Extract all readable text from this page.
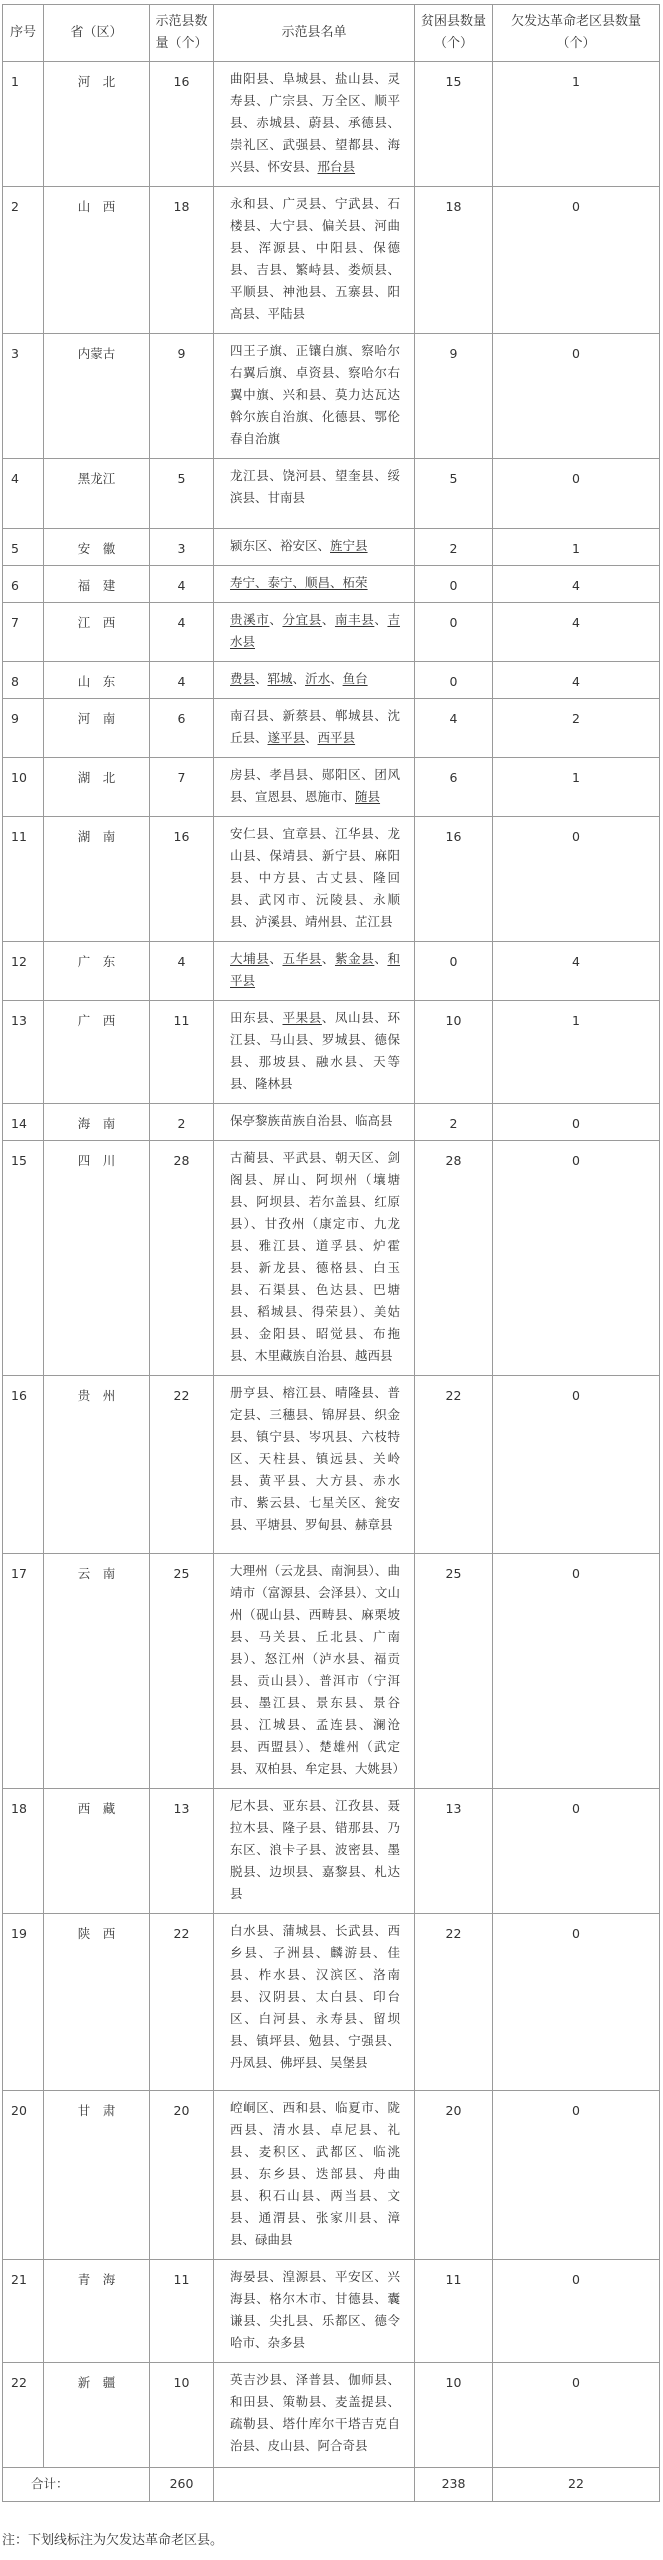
序号	省（区）	示范县数量（个）	示范县名单	贫困县数量（个）	欠发达革命老区县数量（个）
1	河　北	16	曲阳县、阜城县、盐山县、灵寿县、广宗县、万全区、顺平县、赤城县、蔚县、承德县、崇礼区、武强县、望都县、海兴县、怀安县、邢台县	15	1
2	山　西	18	永和县、广灵县、宁武县、石楼县、大宁县、偏关县、河曲县、浑源县、中阳县、保德县、吉县、繁峙县、娄烦县、平顺县、神池县、五寨县、阳高县、平陆县	18	0
3	内蒙古	9	四王子旗、正镶白旗、察哈尔右翼后旗、卓资县、察哈尔右翼中旗、兴和县、莫力达瓦达斡尔族自治旗、化德县、鄂伦春自治旗	9	0
4	黑龙江	5	龙江县、饶河县、望奎县、绥滨县、甘南县	5	0
5	安　徽	3	颍东区、裕安区、旌宁县	2	1
6	福　建	4	寿宁、泰宁、顺昌、柘荣	0	4
7	江　西	4	贵溪市、分宜县、南丰县、吉水县	0	4
8	山　东	4	费县、郓城、沂水、鱼台	0	4
9	河　南	6	南召县、新蔡县、郸城县、沈丘县、遂平县、西平县	4	2
10	湖　北	7	房县、孝昌县、郧阳区、团风县、宣恩县、恩施市、随县	6	1
11	湖　南	16	安仁县、宜章县、江华县、龙山县、保靖县、新宁县、麻阳县、中方县、古丈县、隆回县、武冈市、沅陵县、永顺县、泸溪县、靖州县、芷江县	16	0
12	广　东	4	大埔县、五华县、紫金县、和平县	0	4
13	广　西	11	田东县、平果县、凤山县、环江县、马山县、罗城县、德保县、那坡县、融水县、天等县、隆林县	10	1
14	海　南	2	保亭黎族苗族自治县、临高县	2	0
15	四　川	28	古蔺县、平武县、朝天区、剑阁县、屏山、阿坝州（壤塘县、阿坝县、若尔盖县、红原县）、甘孜州（康定市、九龙县、雅江县、道孚县、炉霍县、新龙县、德格县、白玉县、石渠县、色达县、巴塘县、稻城县、得荣县）、美姑县、金阳县、昭觉县、布拖县、木里藏族自治县、越西县	28	0
16	贵　州	22	册亨县、榕江县、晴隆县、普定县、三穗县、锦屏县、织金县、镇宁县、岑巩县、六枝特区、天柱县、镇远县、关岭县、黄平县、大方县、赤水市、紫云县、七星关区、瓮安县、平塘县、罗甸县、赫章县	22	0
17	云　南	25	大理州（云龙县、南涧县）、曲靖市（富源县、会泽县）、文山州（砚山县、西畴县、麻栗坡县、马关县、丘北县、广南县）、怒江州（泸水县、福贡县、贡山县）、普洱市（宁洱县、墨江县、景东县、景谷县、江城县、孟连县、澜沧县、西盟县）、楚雄州（武定县、双柏县、牟定县、大姚县）	25	0
18	西　藏	13	尼木县、亚东县、江孜县、聂拉木县、隆子县、错那县、乃东区、浪卡子县、波密县、墨脱县、边坝县、嘉黎县、札达县	13	0
19	陕　西	22	白水县、蒲城县、长武县、西乡县、子洲县、麟游县、佳县、柞水县、汉滨区、洛南县、汉阴县、太白县、印台区、白河县、永寿县、留坝县、镇坪县、勉县、宁强县、丹凤县、佛坪县、吴堡县	22	0
20	甘　肃	20	崆峒区、西和县、临夏市、陇西县、清水县、卓尼县、礼县、麦积区、武都区、临洮县、东乡县、迭部县、舟曲县、积石山县、两当县、文县、通渭县、张家川县、漳县、碌曲县	20	0
21	青　海	11	海晏县、湟源县、平安区、兴海县、格尔木市、甘德县、囊谦县、尖扎县、乐都区、德令哈市、杂多县	11	0
22	新　疆	10	英吉沙县、泽普县、伽师县、和田县、策勒县、麦盖提县、疏勒县、塔什库尔干塔吉克自治县、皮山县、阿合奇县	10	0
合计：		260		238	22
注：下划线标注为欠发达革命老区县。
